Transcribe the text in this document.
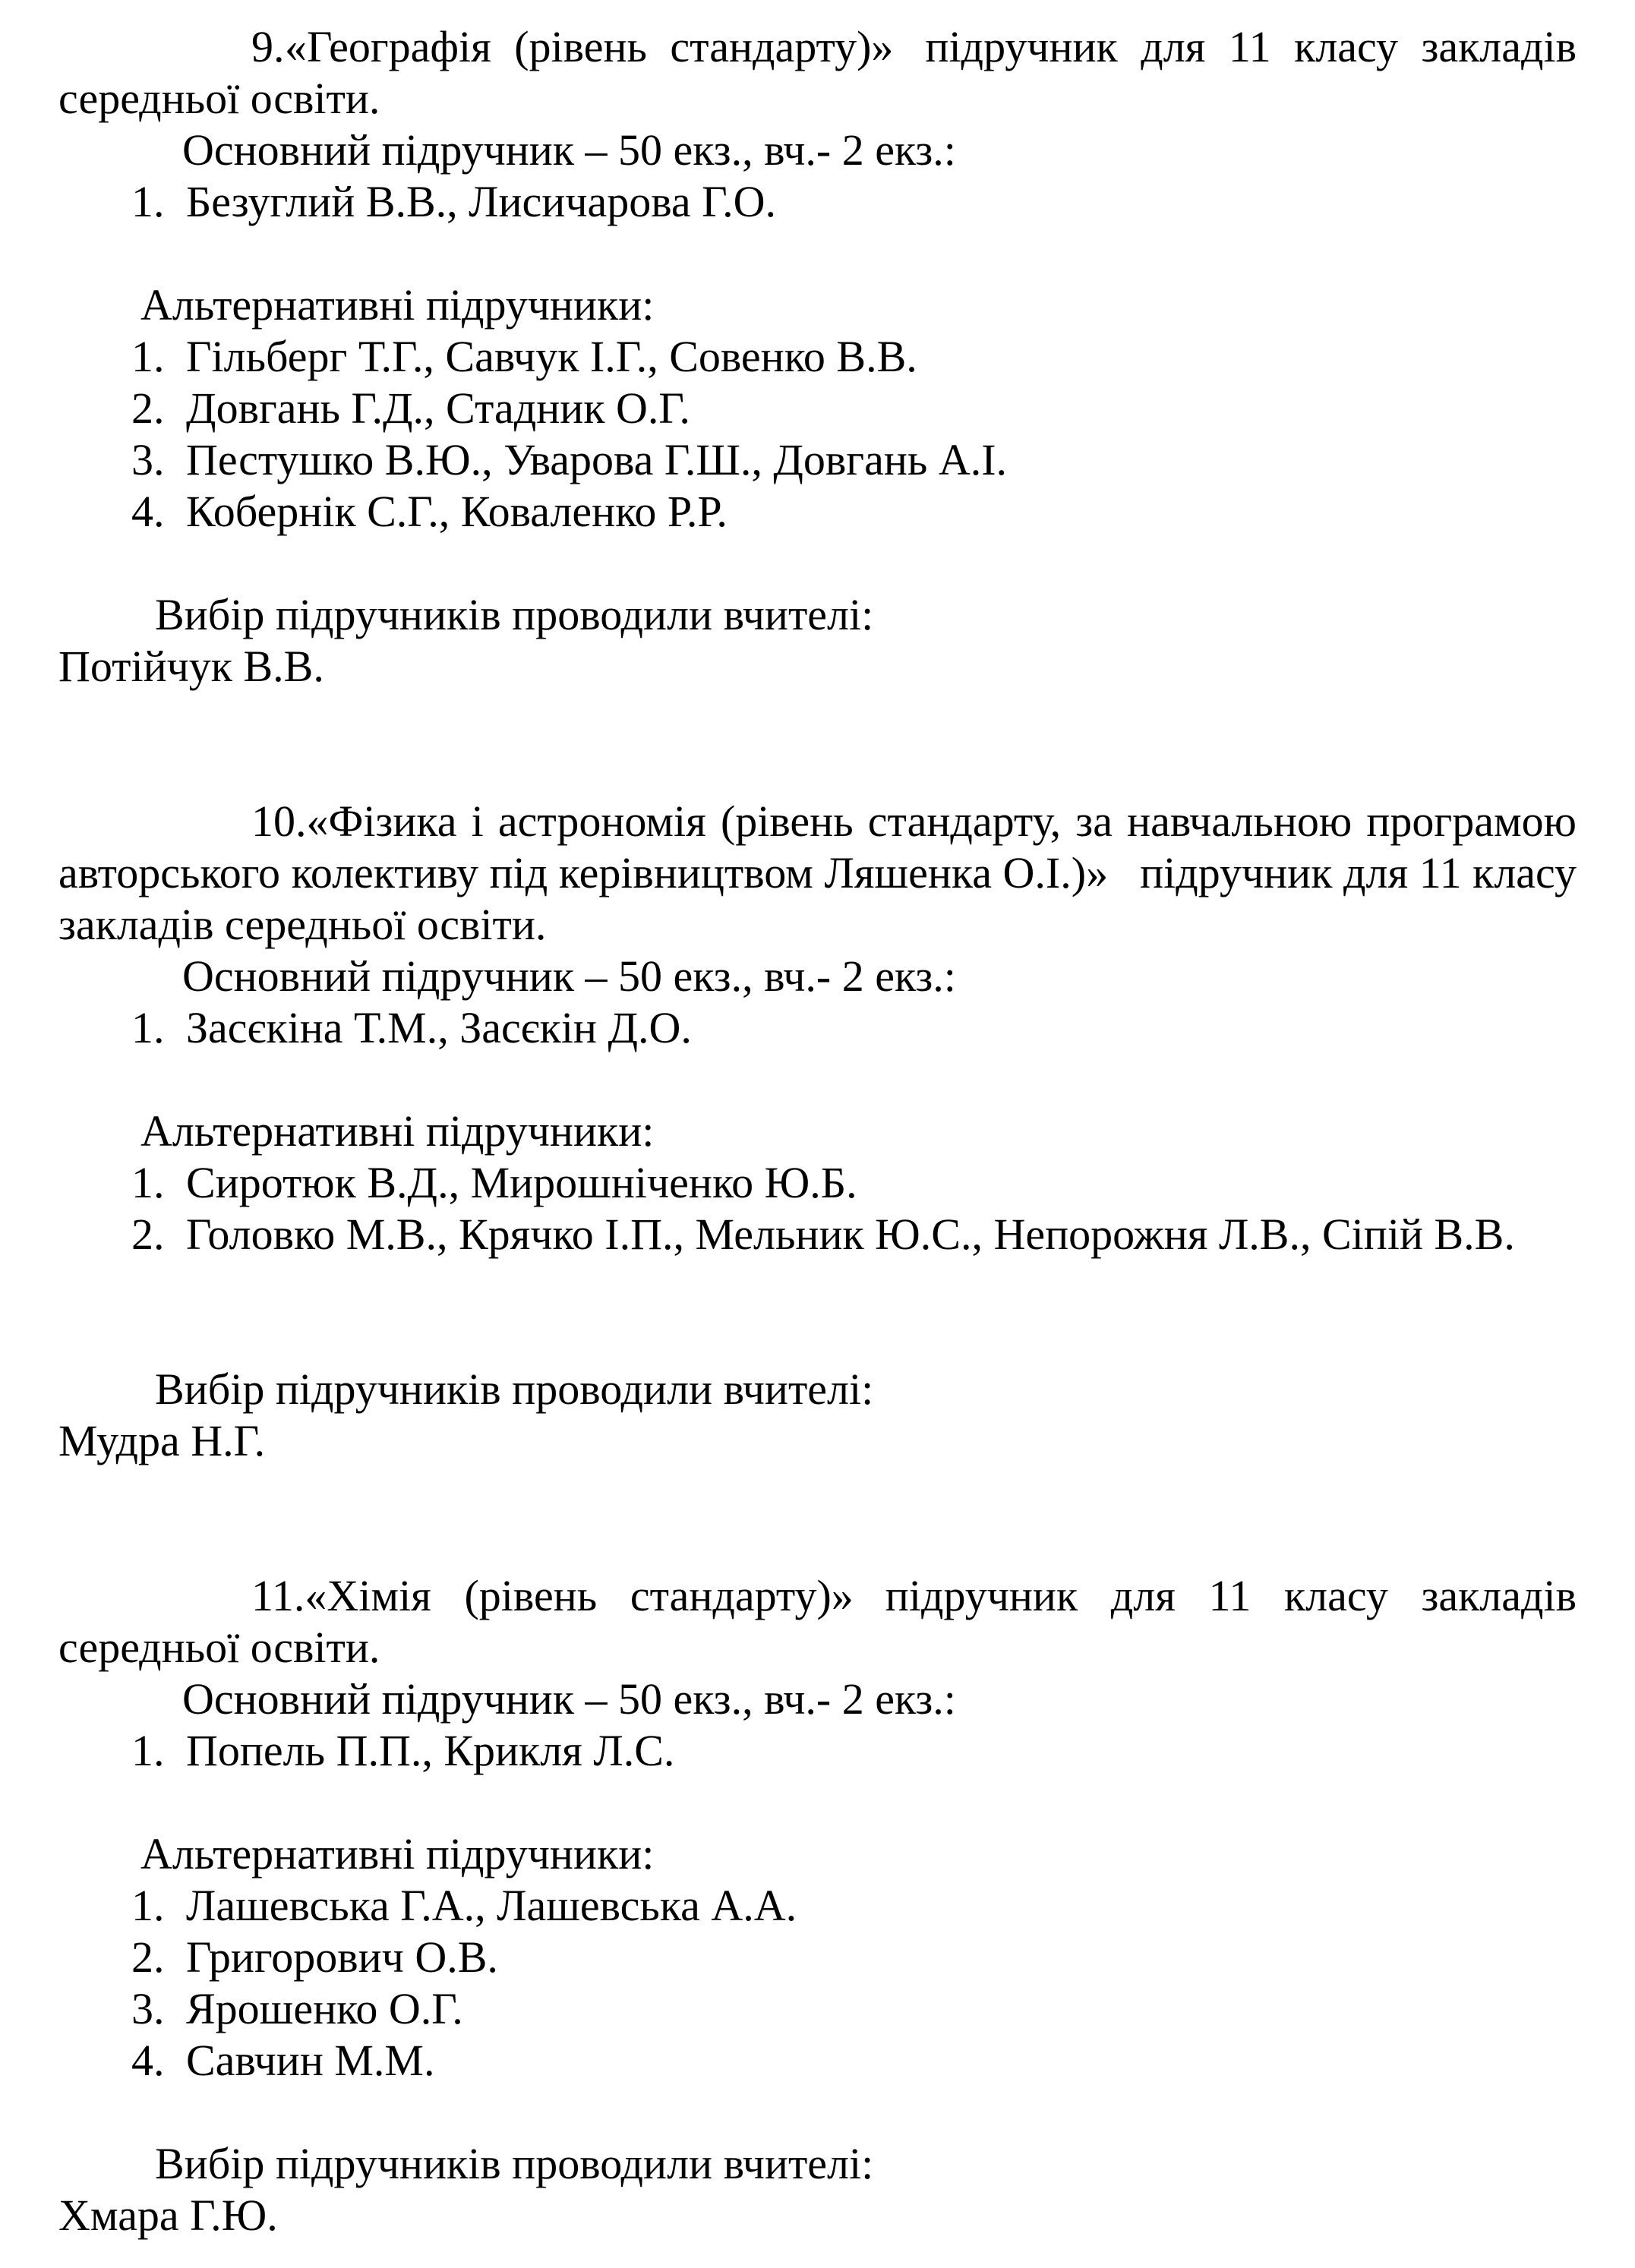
9.«Географія (рівень стандарту)» підручник для 11 класу закладів середньої освіти.

Основний підручник – 50 екз., вч.- 2 екз.:

1. Безуглий В.В., Лисичарова Г.О.

Альтернативні підручники:

1. Гільберг Т.Г., Савчук І.Г., Совенко В.В.
2. Довгань Г.Д., Стадник О.Г.
3. Пестушко В.Ю., Уварова Г.Ш., Довгань А.І.
4. Кобернік С.Г., Коваленко Р.Р.

Вибір підручників проводили вчителі:

Потійчук В.В.

10.«Фізика і астрономія (рівень стандарту, за навчальною програмою авторського колективу під керівництвом Ляшенка О.І.)» підручник для 11 класу закладів середньої освіти.

Основний підручник – 50 екз., вч.- 2 екз.:

1. Засєкіна Т.М., Засєкін Д.О.

Альтернативні підручники:

1. Сиротюк В.Д., Мирошніченко Ю.Б.
2. Головко М.В., Крячко І.П., Мельник Ю.С., Непорожня Л.В., Сіпій В.В.

Вибір підручників проводили вчителі:

Мудра Н.Г.

11.«Хімія (рівень стандарту)» підручник для 11 класу закладів середньої освіти.

Основний підручник – 50 екз., вч.- 2 екз.:

1. Попель П.П., Крикля Л.С.

Альтернативні підручники:

1. Лашевська Г.А., Лашевська А.А.
2. Григорович О.В.
3. Ярошенко О.Г.
4. Савчин М.М.

Вибір підручників проводили вчителі:

Хмара Г.Ю.
